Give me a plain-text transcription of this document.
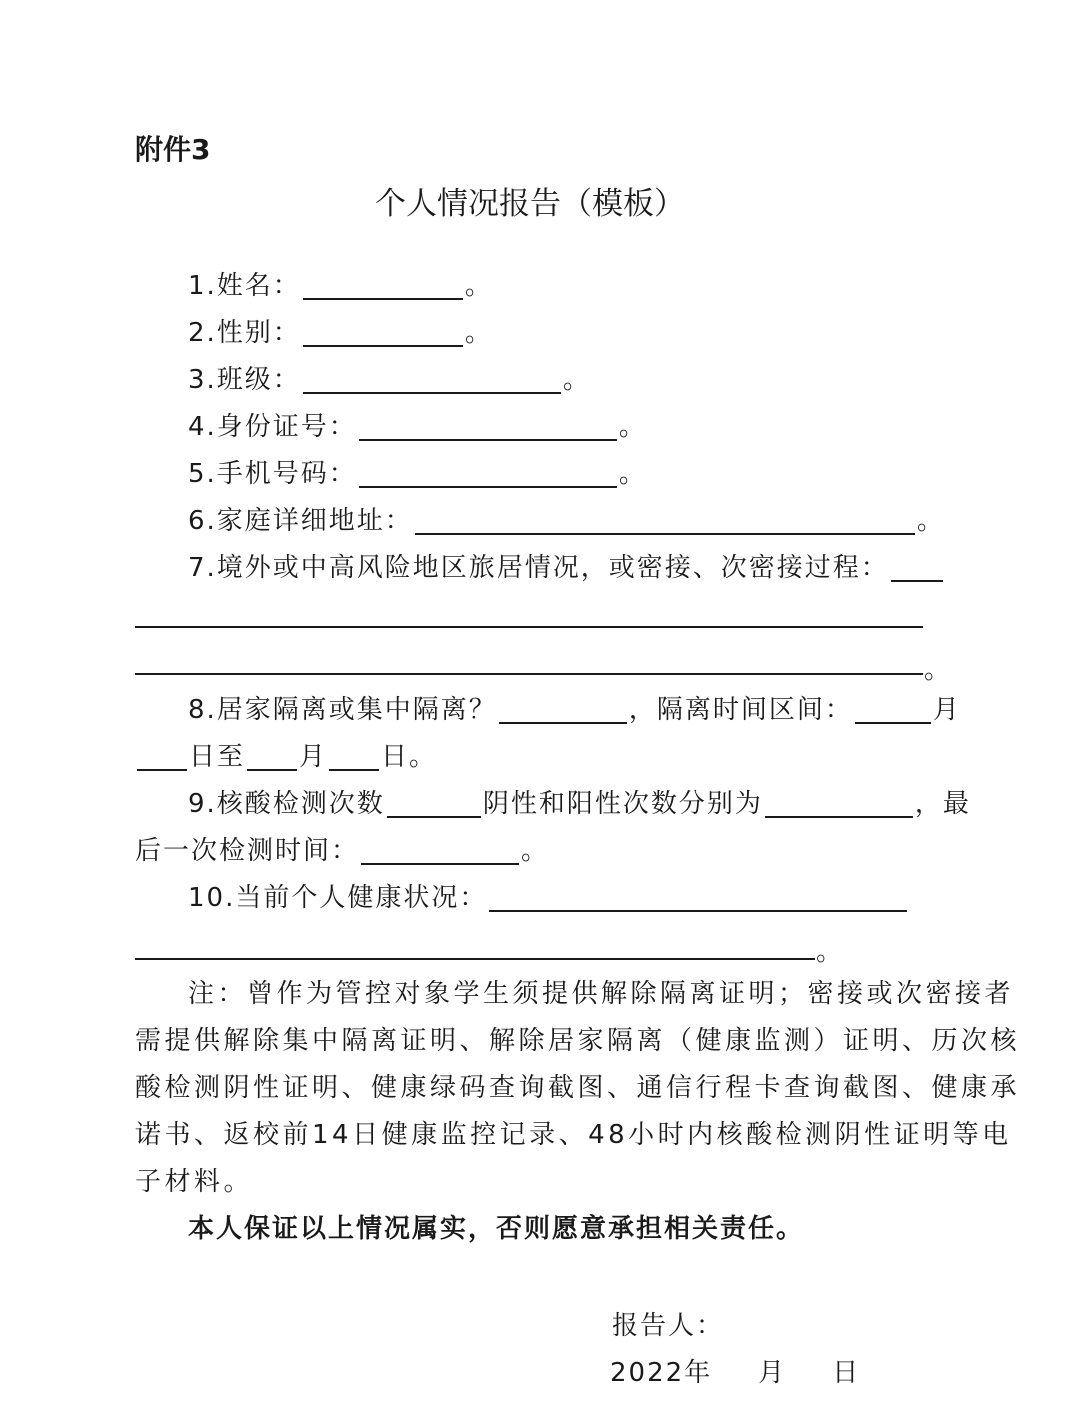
附件3
个人情况报告（模板）
1.姓名：	。
2.性别：	。
3.班级：	。
4.身份证号：	。
5.手机号码：	。
6.家庭详细地址：	。
7.境外或中高风险地区旅居情况，或密接、次密接过程：
。
8.居家隔离或集中隔离？	，隔离时间区间：	月
日至 月 日。
9.核酸检测次数	阴性和阳性次数分别为	，最
后一次检测时间：	。
10.当前个人健康状况：
。
注：曾作为管控对象学生须提供解除隔离证明；密接或次密接者
需提供解除集中隔离证明、解除居家隔离（健康监测）证明、历次核
酸检测阴性证明、健康绿码查询截图、通信行程卡查询截图、健康承
诺书、返校前14日健康监控记录、48小时内核酸检测阴性证明等电
子材料。
本人保证以上情况属实，否则愿意承担相关责任。
报告人：
2022年 月 日
